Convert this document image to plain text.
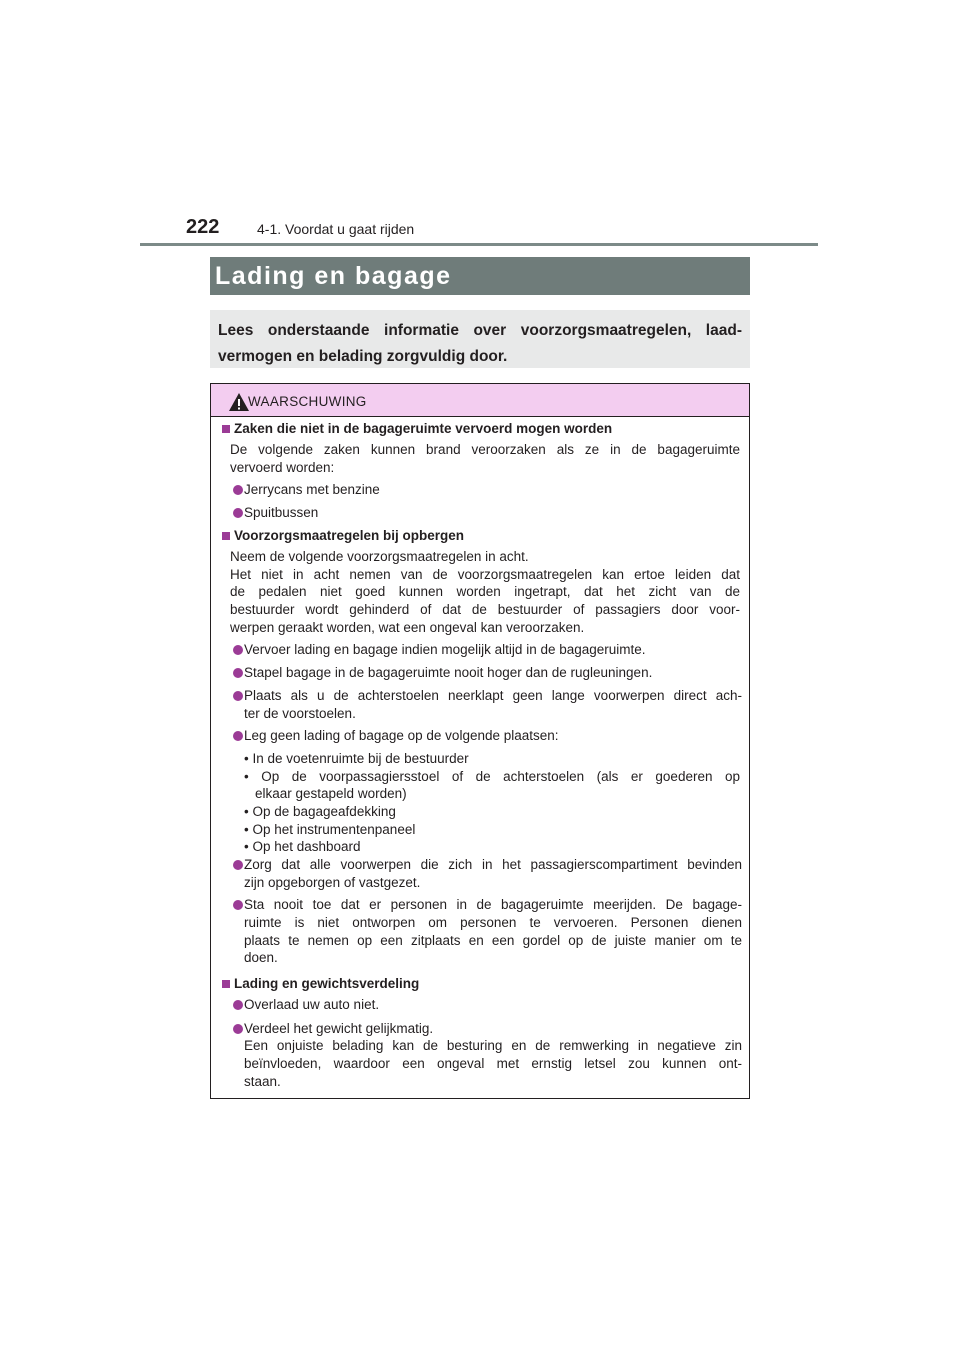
222	4-1. Voordat u gaat rijden
Lading en bagage
Lees onderstaande informatie over voorzorgsmaatregelen, laad-
vermogen en belading zorgvuldig door.
WAARSCHUWING
Zaken die niet in de bagageruimte vervoerd mogen worden
De volgende zaken kunnen brand veroorzaken als ze in de bagageruimte
vervoerd worden:
Jerrycans met benzine
Spuitbussen
Voorzorgsmaatregelen bij opbergen
Neem de volgende voorzorgsmaatregelen in acht.
Het niet in acht nemen van de voorzorgsmaatregelen kan ertoe leiden dat
de pedalen niet goed kunnen worden ingetrapt, dat het zicht van de
bestuurder wordt gehinderd of dat de bestuurder of passagiers door voor-
werpen geraakt worden, wat een ongeval kan veroorzaken.
Vervoer lading en bagage indien mogelijk altijd in de bagageruimte.
Stapel bagage in de bagageruimte nooit hoger dan de rugleuningen.
Plaats als u de achterstoelen neerklapt geen lange voorwerpen direct ach-
ter de voorstoelen.
Leg geen lading of bagage op de volgende plaatsen:
• In de voetenruimte bij de bestuurder
• Op de voorpassagiersstoel of de achterstoelen (als er goederen op
elkaar gestapeld worden)
• Op de bagageafdekking
• Op het instrumentenpaneel
• Op het dashboard
Zorg dat alle voorwerpen die zich in het passagierscompartiment bevinden
zijn opgeborgen of vastgezet.
Sta nooit toe dat er personen in de bagageruimte meerijden. De bagage-
ruimte is niet ontworpen om personen te vervoeren. Personen dienen
plaats te nemen op een zitplaats en een gordel op de juiste manier om te
doen.
Lading en gewichtsverdeling
Overlaad uw auto niet.
Verdeel het gewicht gelijkmatig.
Een onjuiste belading kan de besturing en de remwerking in negatieve zin
beïnvloeden, waardoor een ongeval met ernstig letsel zou kunnen ont-
staan.
